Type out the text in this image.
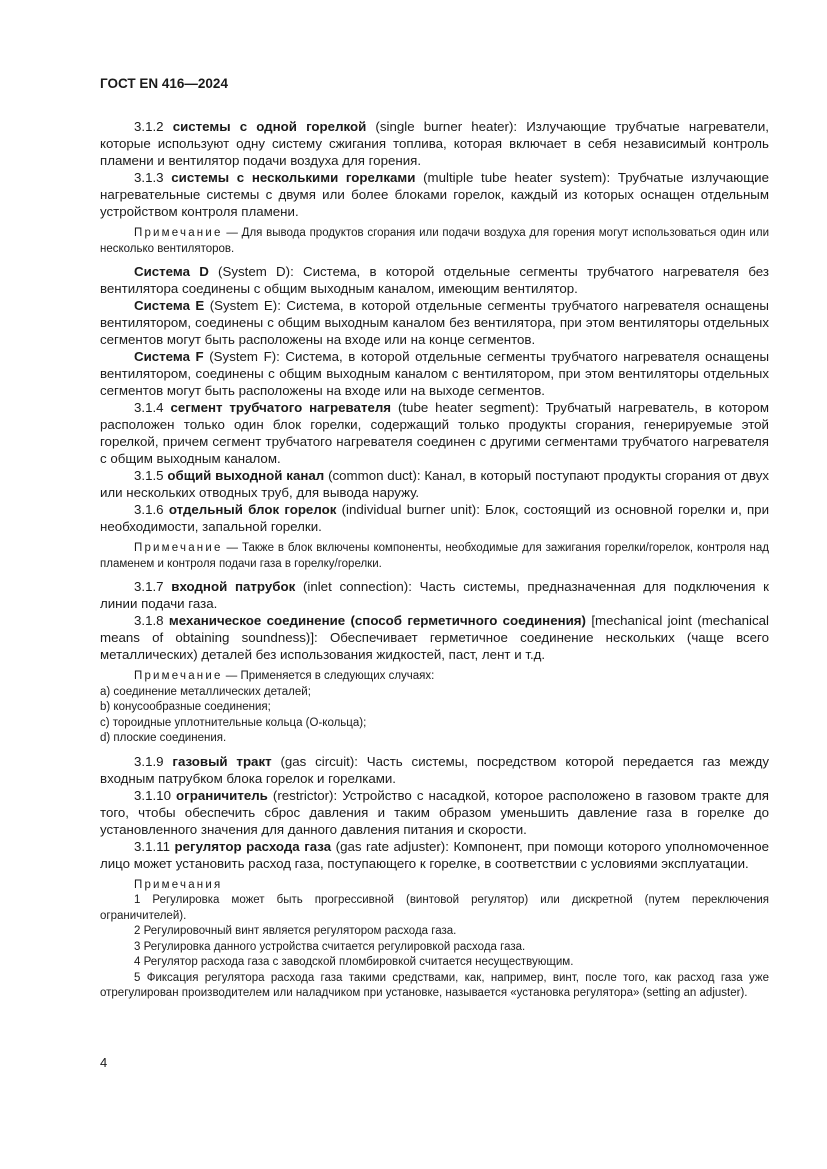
ГОСТ EN 416—2024

3.1.2 системы с одной горелкой (single burner heater): Излучающие трубчатые нагреватели, которые используют одну систему сжигания топлива, которая включает в себя независимый контроль пламени и вентилятор подачи воздуха для горения.

3.1.3 системы с несколькими горелками (multiple tube heater system): Трубчатые излучающие нагревательные системы с двумя или более блоками горелок, каждый из которых оснащен отдельным устройством контроля пламени.

Примечание — Для вывода продуктов сгорания или подачи воздуха для горения могут использоваться один или несколько вентиляторов.

Система D (System D): Система, в которой отдельные сегменты трубчатого нагревателя без вентилятора соединены с общим выходным каналом, имеющим вентилятор.

Система Е (System E): Система, в которой отдельные сегменты трубчатого нагревателя оснащены вентилятором, соединены с общим выходным каналом без вентилятора, при этом вентиляторы отдельных сегментов могут быть расположены на входе или на конце сегментов.

Система F (System F): Система, в которой отдельные сегменты трубчатого нагревателя оснащены вентилятором, соединены с общим выходным каналом с вентилятором, при этом вентиляторы отдельных сегментов могут быть расположены на входе или на выходе сегментов.

3.1.4 сегмент трубчатого нагревателя (tube heater segment): Трубчатый нагреватель, в котором расположен только один блок горелки, содержащий только продукты сгорания, генерируемые этой горелкой, причем сегмент трубчатого нагревателя соединен с другими сегментами трубчатого нагревателя с общим выходным каналом.

3.1.5 общий выходной канал (common duct): Канал, в который поступают продукты сгорания от двух или нескольких отводных труб, для вывода наружу.

3.1.6 отдельный блок горелок (individual burner unit): Блок, состоящий из основной горелки и, при необходимости, запальной горелки.

Примечание — Также в блок включены компоненты, необходимые для зажигания горелки/горелок, контроля над пламенем и контроля подачи газа в горелку/горелки.

3.1.7 входной патрубок (inlet connection): Часть системы, предназначенная для подключения к линии подачи газа.

3.1.8 механическое соединение (способ герметичного соединения) [mechanical joint (mechanical means of obtaining soundness)]: Обеспечивает герметичное соединение нескольких (чаще всего металлических) деталей без использования жидкостей, паст, лент и т.д.

Примечание — Применяется в следующих случаях:

а) соединение металлических деталей;

b) конусообразные соединения;

c) тороидные уплотнительные кольца (О-кольца);

d) плоские соединения.

3.1.9 газовый тракт (gas circuit): Часть системы, посредством которой передается газ между входным патрубком блока горелок и горелками.

3.1.10 ограничитель (restrictor): Устройство с насадкой, которое расположено в газовом тракте для того, чтобы обеспечить сброс давления и таким образом уменьшить давление газа в горелке до установленного значения для данного давления питания и скорости.

3.1.11 регулятор расхода газа (gas rate adjuster): Компонент, при помощи которого уполномоченное лицо может установить расход газа, поступающего к горелке, в соответствии с условиями эксплуатации.

Примечания

1 Регулировка может быть прогрессивной (винтовой регулятор) или дискретной (путем переключения ограничителей).

2 Регулировочный винт является регулятором расхода газа.

3 Регулировка данного устройства считается регулировкой расхода газа.

4 Регулятор расхода газа с заводской пломбировкой считается несуществующим.

5 Фиксация регулятора расхода газа такими средствами, как, например, винт, после того, как расход газа уже отрегулирован производителем или наладчиком при установке, называется «установка регулятора» (setting an adjuster).

4
